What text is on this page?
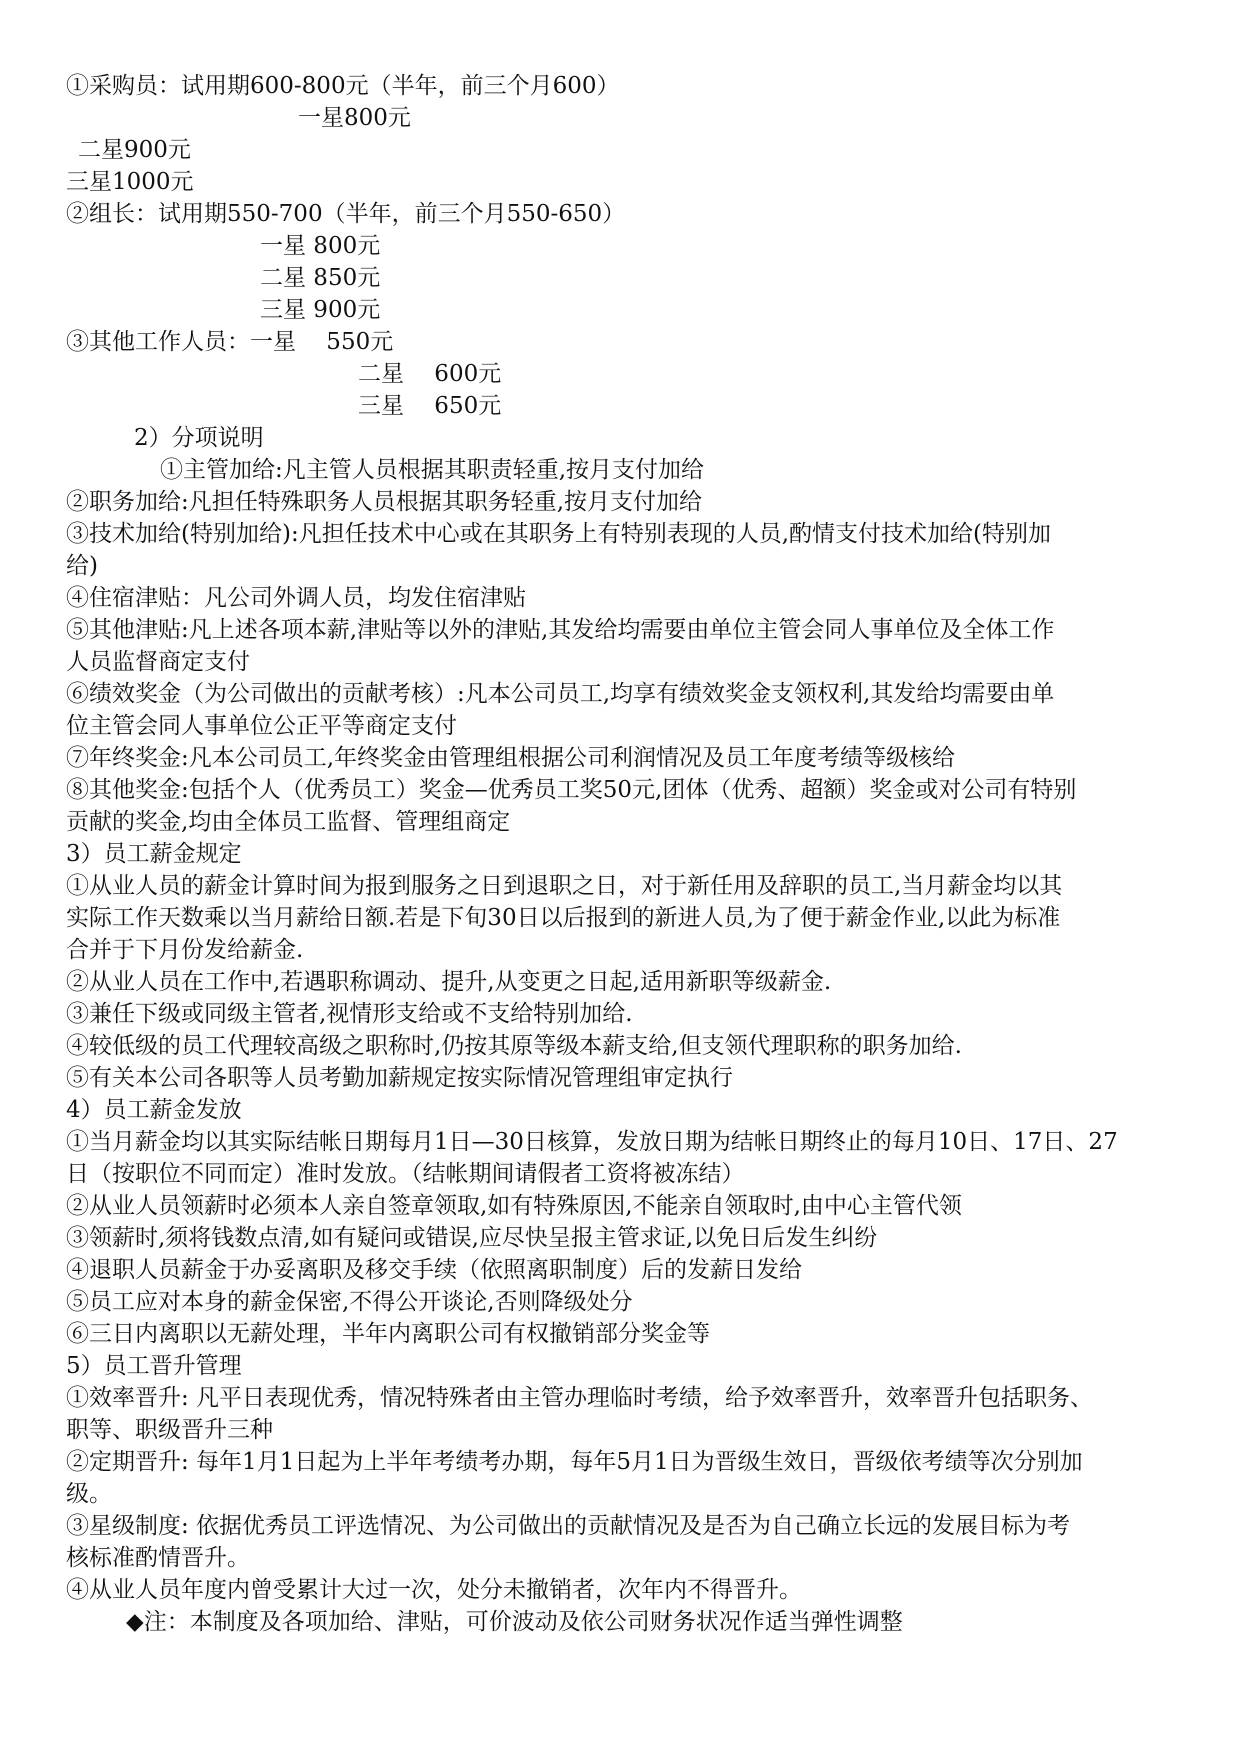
①采购员：试用期600-800元（半年，前三个月600）
一星800元
二星900元
三星1000元
②组长：试用期550-700（半年，前三个月550-650）
一星 800元
二星 850元
三星 900元
③其他工作人员：一星　 550元
二星　 600元
三星　 650元
2）分项说明
①主管加给:凡主管人员根据其职责轻重,按月支付加给
②职务加给:凡担任特殊职务人员根据其职务轻重,按月支付加给
③技术加给(特别加给):凡担任技术中心或在其职务上有特别表现的人员,酌情支付技术加给(特别加
给)
④住宿津贴：凡公司外调人员，均发住宿津贴
⑤其他津贴:凡上述各项本薪,津贴等以外的津贴,其发给均需要由单位主管会同人事单位及全体工作
人员监督商定支付
⑥绩效奖金（为公司做出的贡献考核）:凡本公司员工,均享有绩效奖金支领权利,其发给均需要由单
位主管会同人事单位公正平等商定支付
⑦年终奖金:凡本公司员工,年终奖金由管理组根据公司利润情况及员工年度考绩等级核给
⑧其他奖金:包括个人（优秀员工）奖金—优秀员工奖50元,团体（优秀、超额）奖金或对公司有特别
贡献的奖金,均由全体员工监督、管理组商定
3）员工薪金规定
①从业人员的薪金计算时间为报到服务之日到退职之日，对于新任用及辞职的员工,当月薪金均以其
实际工作天数乘以当月薪给日额.若是下旬30日以后报到的新进人员,为了便于薪金作业,以此为标准
合并于下月份发给薪金.
②从业人员在工作中,若遇职称调动、提升,从变更之日起,适用新职等级薪金.
③兼任下级或同级主管者,视情形支给或不支给特别加给.
④较低级的员工代理较高级之职称时,仍按其原等级本薪支给,但支领代理职称的职务加给.
⑤有关本公司各职等人员考勤加薪规定按实际情况管理组审定执行
4）员工薪金发放
①当月薪金均以其实际结帐日期每月1日—30日核算，发放日期为结帐日期终止的每月10日、17日、27
日（按职位不同而定）准时发放。（结帐期间请假者工资将被冻结）
②从业人员领薪时必须本人亲自签章领取,如有特殊原因,不能亲自领取时,由中心主管代领
③领薪时,须将钱数点清,如有疑问或错误,应尽快呈报主管求证,以免日后发生纠纷
④退职人员薪金于办妥离职及移交手续（依照离职制度）后的发薪日发给
⑤员工应对本身的薪金保密,不得公开谈论,否则降级处分
⑥三日内离职以无薪处理，半年内离职公司有权撤销部分奖金等
5）员工晋升管理
①效率晋升: 凡平日表现优秀，情况特殊者由主管办理临时考绩，给予效率晋升，效率晋升包括职务、
职等、职级晋升三种
②定期晋升: 每年1月1日起为上半年考绩考办期，每年5月1日为晋级生效日，晋级依考绩等次分别加
级。
③星级制度: 依据优秀员工评选情况、为公司做出的贡献情况及是否为自己确立长远的发展目标为考
核标准酌情晋升。
④从业人员年度内曾受累计大过一次，处分未撤销者，次年内不得晋升。
◆注：本制度及各项加给、津贴，可价波动及依公司财务状况作适当弹性调整
